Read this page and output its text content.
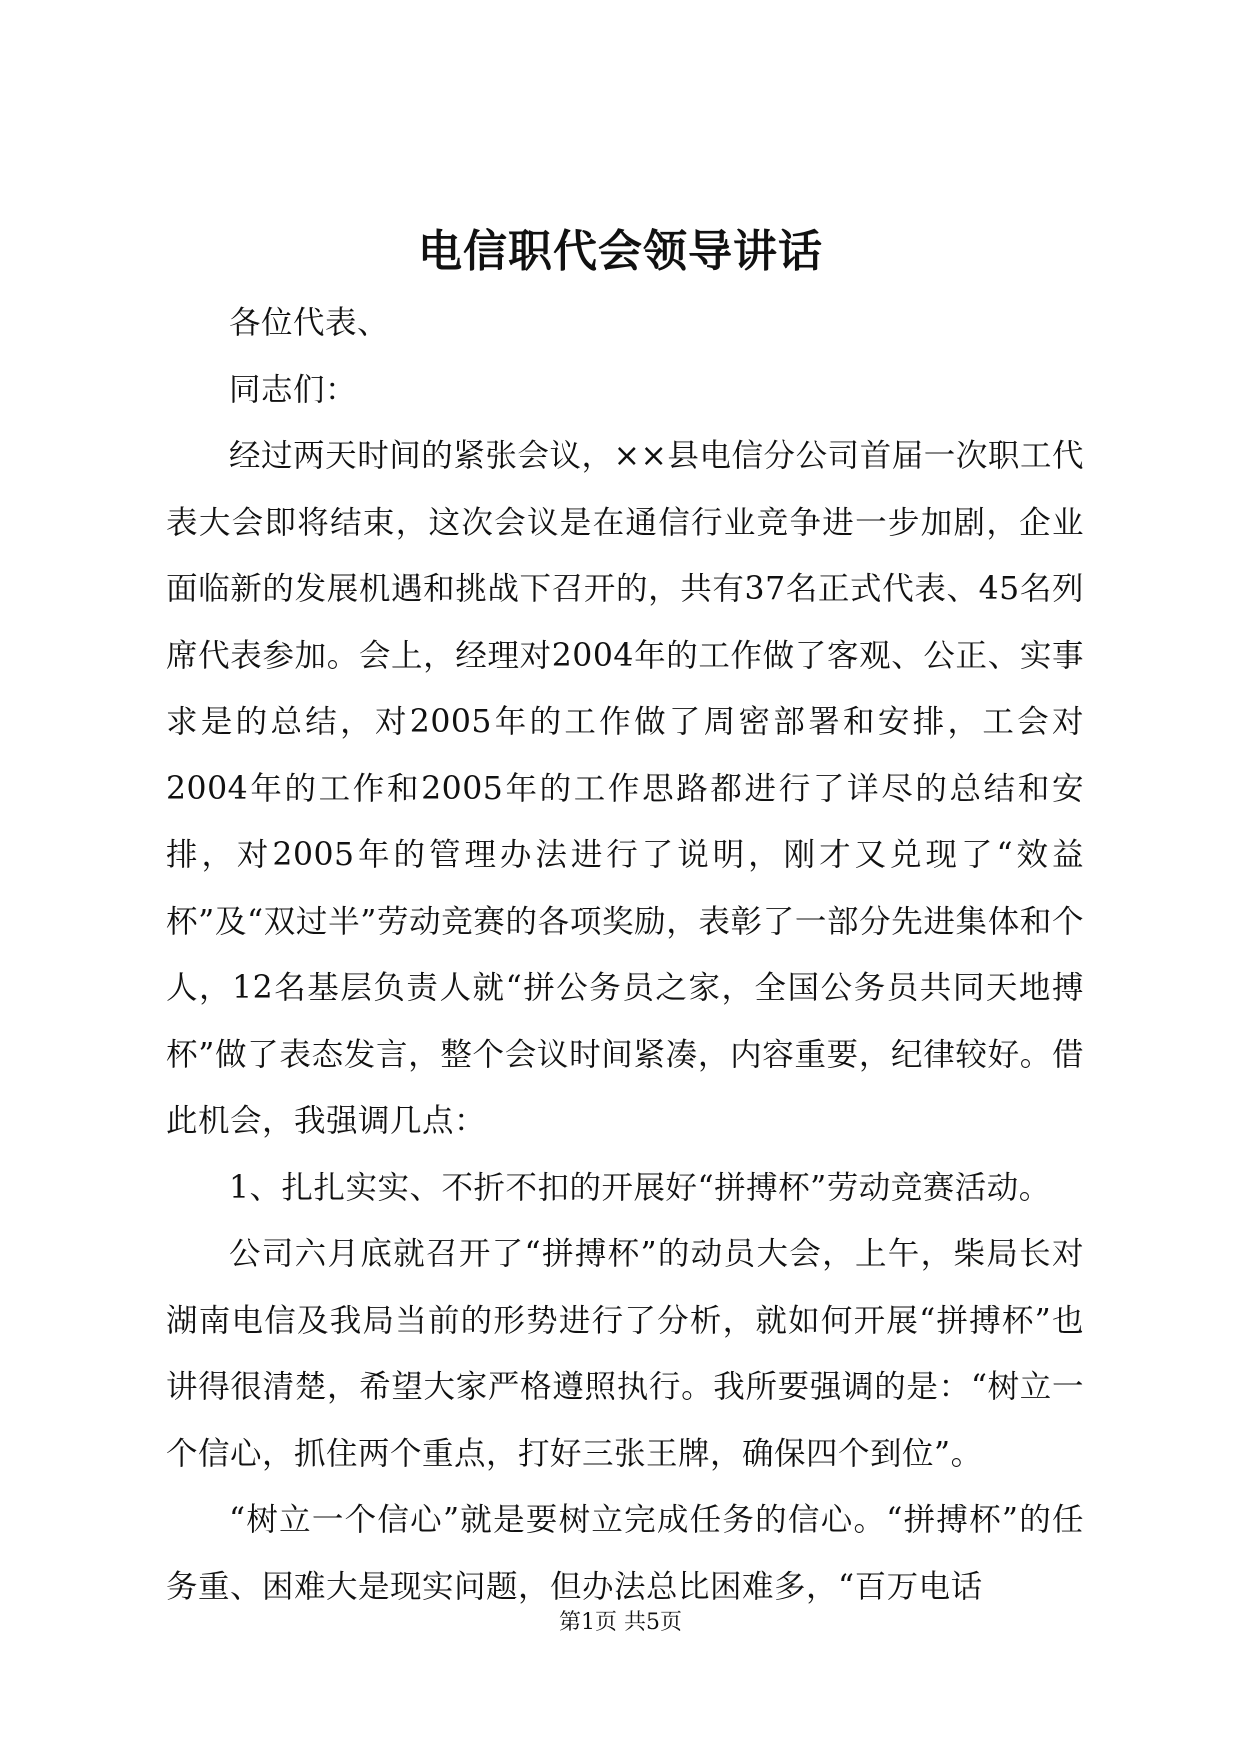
电信职代会领导讲话

各位代表、

同志们：

经过两天时间的紧张会议，××县电信分公司首届一次职工代表大会即将结束，这次会议是在通信行业竞争进一步加剧，企业面临新的发展机遇和挑战下召开的，共有37名正式代表、45名列席代表参加。会上，经理对2004年的工作做了客观、公正、实事求是的总结，对2005年的工作做了周密部署和安排，工会对2004年的工作和2005年的工作思路都进行了详尽的总结和安排，对2005年的管理办法进行了说明，刚才又兑现了“效益杯”及“双过半”劳动竞赛的各项奖励，表彰了一部分先进集体和个人，12名基层负责人就“拼公务员之家，全国公务员共同天地搏杯”做了表态发言，整个会议时间紧凑，内容重要，纪律较好。借此机会，我强调几点：

1、扎扎实实、不折不扣的开展好“拼搏杯”劳动竞赛活动。

公司六月底就召开了“拼搏杯”的动员大会，上午，柴局长对湖南电信及我局当前的形势进行了分析，就如何开展“拼搏杯”也讲得很清楚，希望大家严格遵照执行。我所要强调的是：“树立一个信心，抓住两个重点，打好三张王牌，确保四个到位”。

“树立一个信心”就是要树立完成任务的信心。“拼搏杯”的任务重、困难大是现实问题，但办法总比困难多，“百万电话

第1页 共5页
